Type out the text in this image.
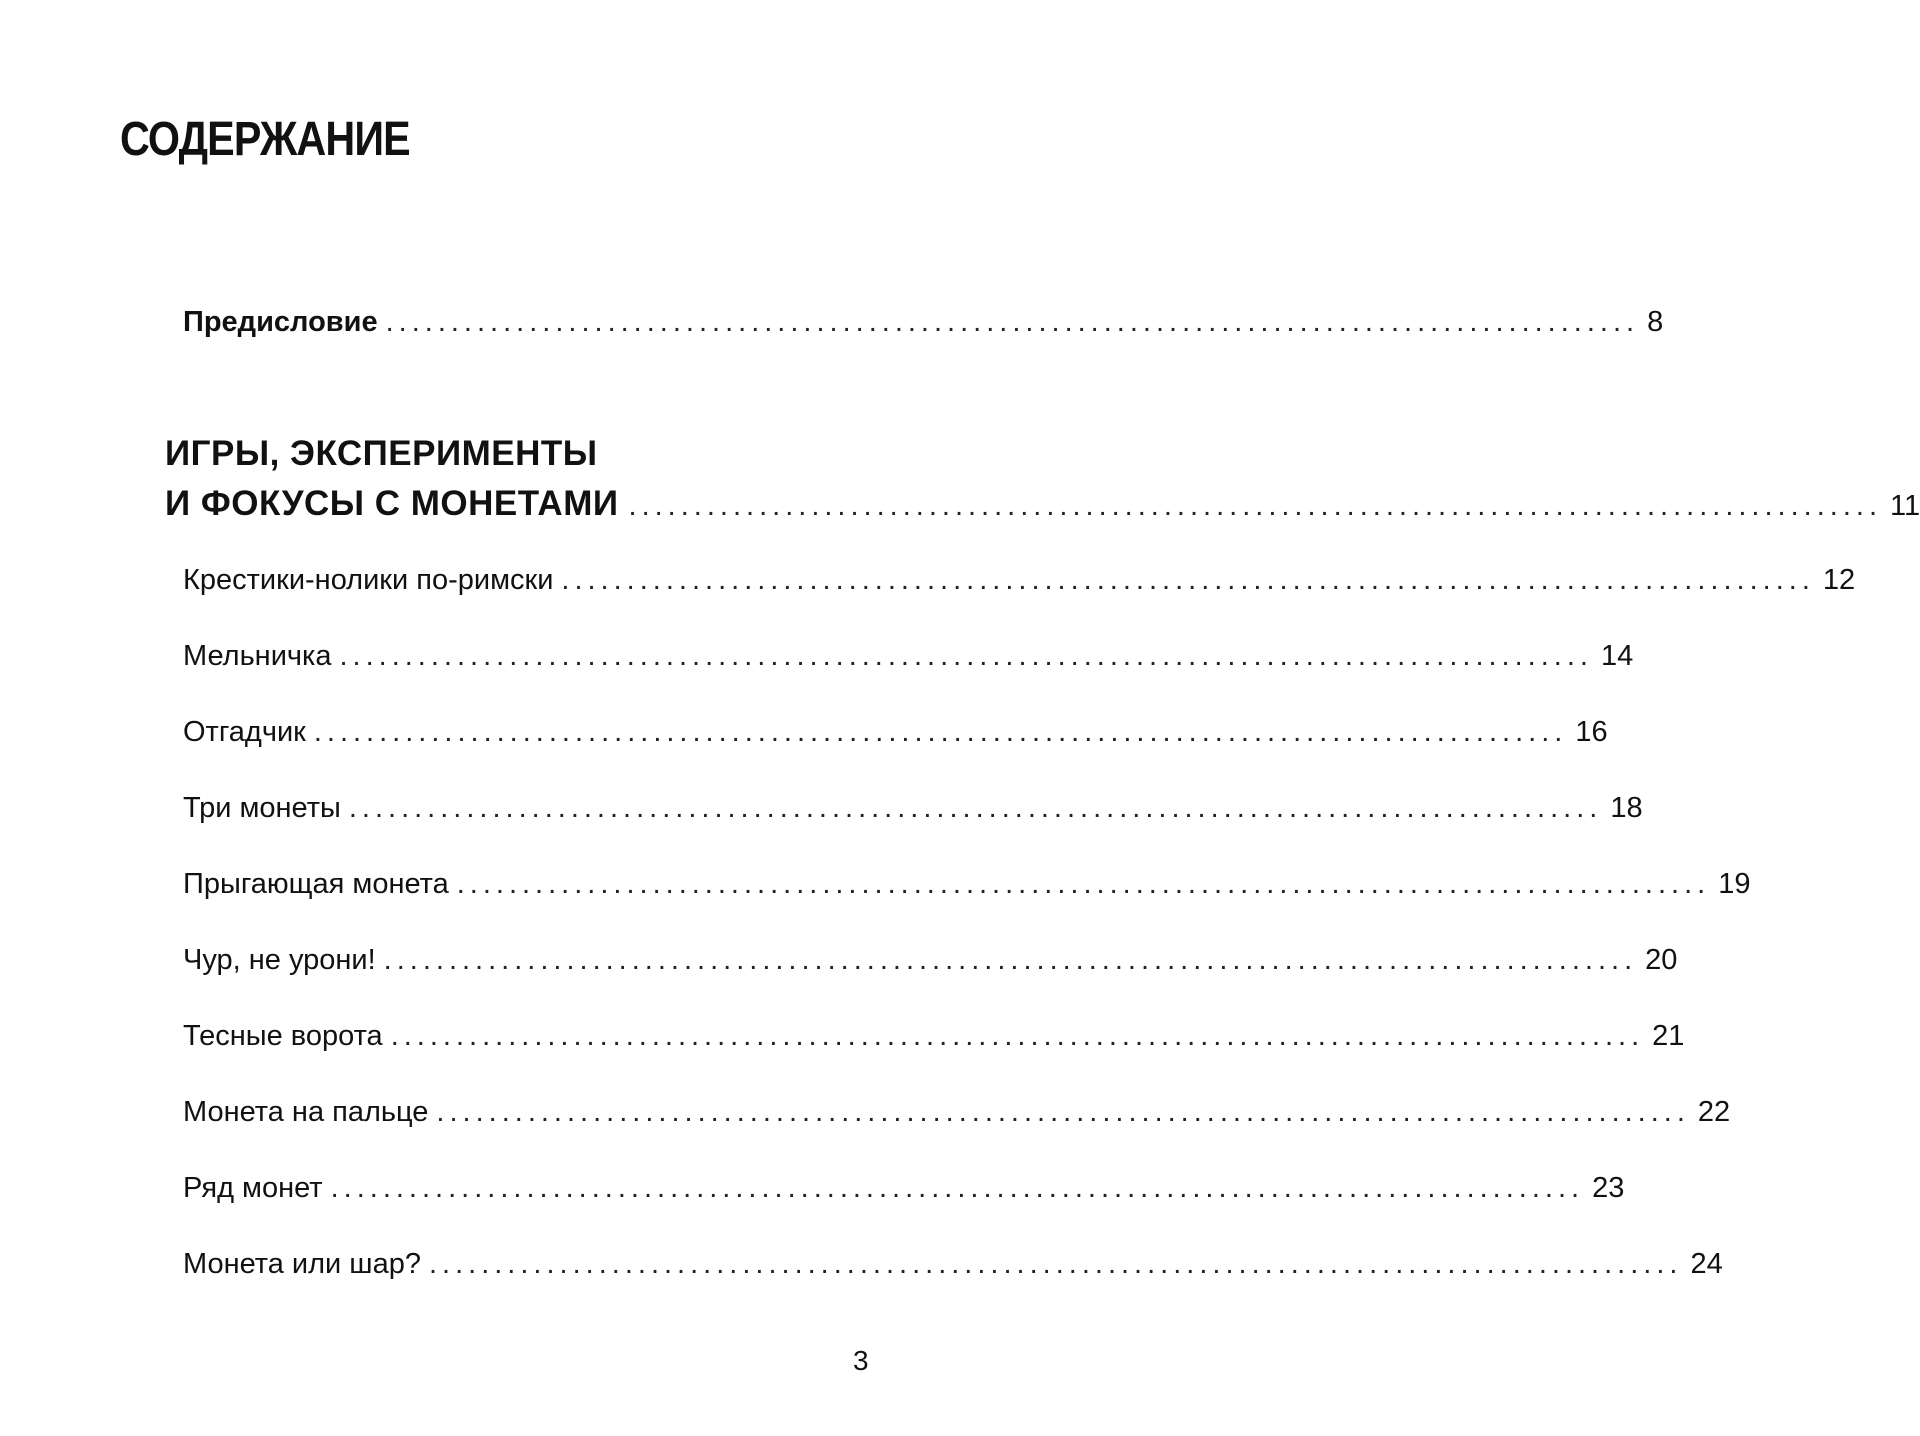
СОДЕРЖАНИЕ
Предисловие ................................................................................................ 8
ИГРЫ, ЭКСПЕРИМЕНТЫ
И ФОКУСЫ С МОНЕТАМИ ................................................................................................ 11
Крестики-нолики по-римски ................................................................................................ 12
Мельничка ................................................................................................ 14
Отгадчик ................................................................................................ 16
Три монеты ................................................................................................ 18
Прыгающая монета ................................................................................................ 19
Чур, не урони! ................................................................................................ 20
Тесные ворота ................................................................................................ 21
Монета на пальце ................................................................................................ 22
Ряд монет ................................................................................................ 23
Монета или шар? ................................................................................................ 24
3
